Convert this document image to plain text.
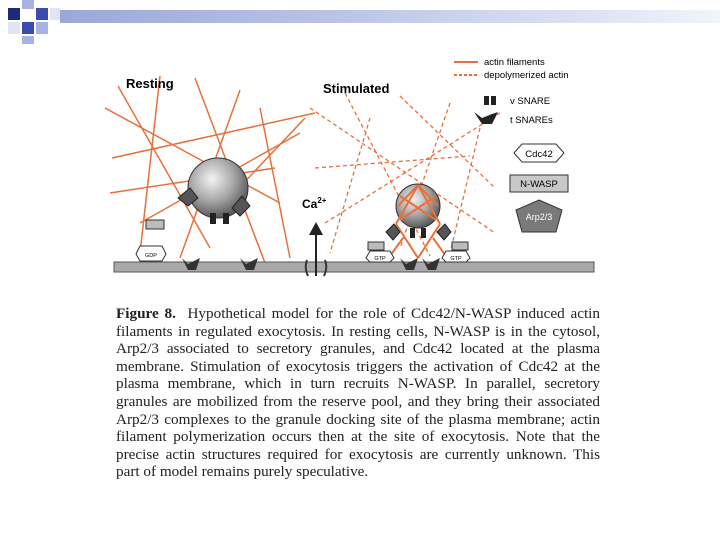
GDP
$Ca^{2+}$
GTP	GTP
Resting	Stimulated
actin filaments
depolymerized actin
v SNARE
t SNAREs
Cdc42
N-WASP
Arp2/3

Figure 8. Hypothetical model for the role of Cdc42/N-WASP induced actin filaments in regulated exocytosis. In resting cells, N-WASP is in the cytosol, Arp2/3 associated to secretory granules, and Cdc42 located at the plasma membrane. Stimulation of exocytosis triggers the activation of Cdc42 at the plasma membrane, which in turn recruits N-WASP. In parallel, secretory granules are mobilized from the reserve pool, and they bring their associated Arp2/3 complexes to the granule docking site of the plasma membrane; actin filament polymerization occurs then at the site of exocytosis. Note that the precise actin structures required for exocytosis are currently unknown. This part of model remains purely speculative.
